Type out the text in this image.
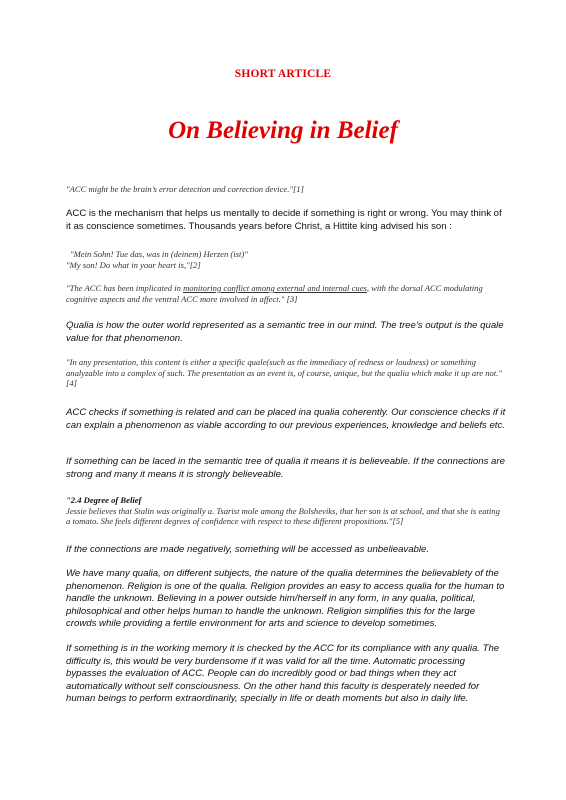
SHORT ARTICLE
On Believing in Belief

"ACC might be the brain’s error detection and correction device."[1]

ACC is the mechanism that helps us mentally to decide if something is right or wrong. You may think of it as conscience sometimes. Thousands years before Christ, a Hittite king advised his son :

"Mein Sohn! Tue das, was in (deinem) Herzen (ist)"
"My son! Do what in your heart is,"[2]

"The ACC has been implicated in monitoring conflict among external and internal cues, with the dorsal ACC modulating cognitive aspects and the ventral ACC more involved in affect." [3]

Qualia is how the outer world represented as a semantic tree in our mind. The tree’s output is the quale value for that phenomenon.

"In any presentation, this content is either a specific quale(such as the immediacy of redness or loudness) or something analyzable into a complex of such. The presentation as an event is, of course, unique, but the qualia which make it up are not." [4]

ACC checks if something is related and can be placed ina qualia coherently. Our conscience checks if it can explain a phenomenon as viable according to our previous experiences, knowledge and beliefs etc.

If something can be laced in the semantic tree of qualia it means it is believeable. If the connections are strong and many it means it is strongly believeable.

"2.4 Degree of Belief
Jessie believes that Stalin was originally a. Tsarist mole among the Bolsheviks, that her son is at school, and that she is eating a tomato. She feels different degrees of confidence with respect to these different propositions."[5]

If the connections are made negatively, something will be accessed as unbelieavable.

We have many qualia, on different subjects, the nature of the qualia determines the believablety of the phenomenon. Religion is one of the qualia. Religion provides an easy to access qualia for the human to handle the unknown. Believing in a power outside him/herself in any form, in any qualia, political, philosophical and other helps human to handle the unknown. Religion simplifies this for the large crowds while providing a fertile environment for arts and science to develop sometimes.

If something is in the working memory it is checked by the ACC for its compliance with any qualia. The difficulty is, this would be very burdensome if it was valid for all the time. Automatic processing bypasses the evaluation of ACC. People can do incredibly good or bad things when they act automatically without self consciousness. On the other hand this faculty is desperately needed for human beings to perform extraordinarily, specially in life or death moments but also in daily life.
